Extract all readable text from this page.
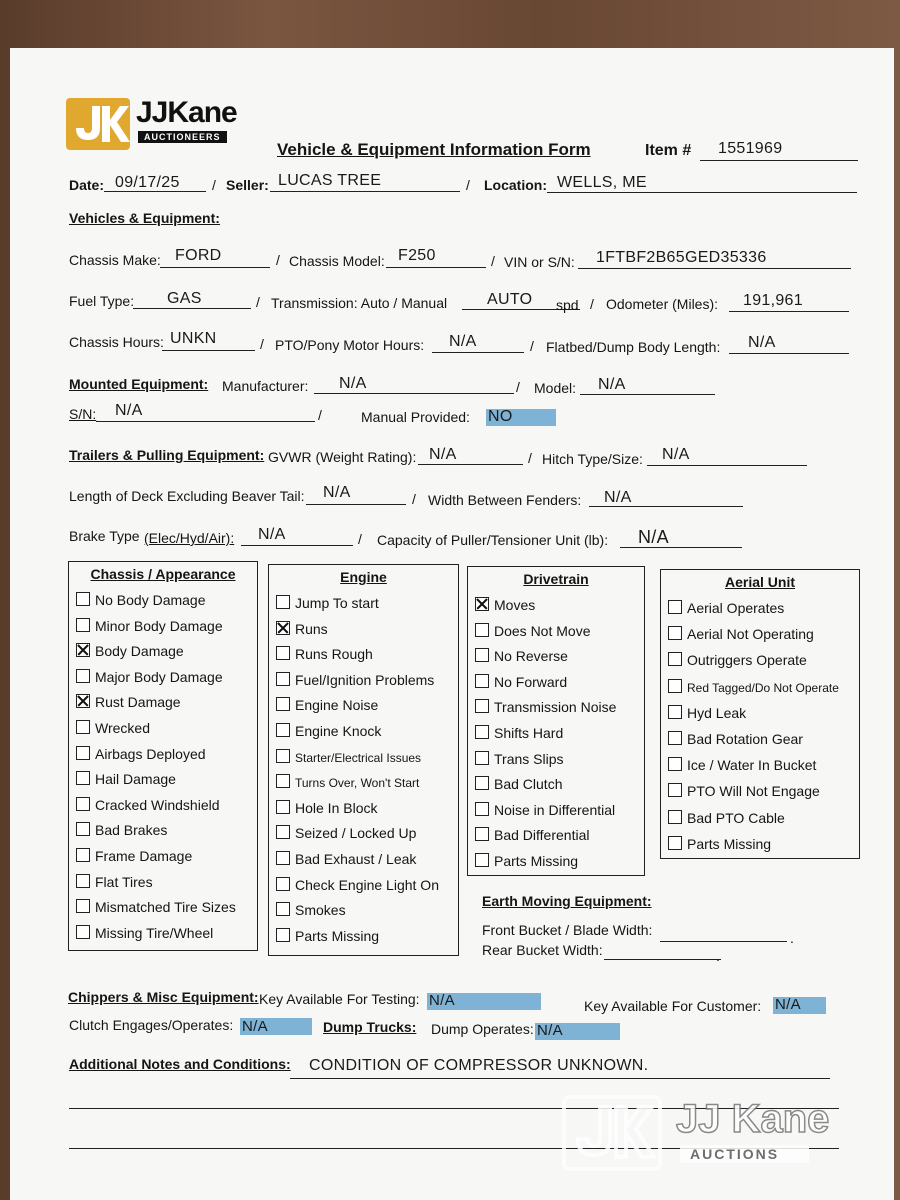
JJKane
AUCTIONEERS
Vehicle & Equipment Information Form	Item # 1551969
Date: 09/17/25 / Seller: LUCAS TREE	/ Location: WELLS, ME
Vehicles & Equipment:
Chassis Make: FORD	/ Chassis Model: F250	/ VIN or S/N: 1FTBF2B65GED35336
Fuel Type: GAS	/ Transmission: Auto / Manual AUTO spd / Odometer (Miles): 191,961
Chassis Hours: UNKN	/ PTO/Pony Motor Hours: N/A	/ Flatbed/Dump Body Length: N/A
Mounted Equipment: Manufacturer: N/A	/ Model: N/A
S/N: N/A	/	Manual Provided: NO
Trailers & Pulling Equipment: GVWR (Weight Rating): N/A	/ Hitch Type/Size: N/A
Length of Deck Excluding Beaver Tail: N/A	/ Width Between Fenders: N/A
Brake Type (Elec/Hyd/Air): N/A	/ Capacity of Puller/Tensioner Unit (lb): N/A
Chassis / Appearance
No Body Damage
Minor Body Damage
Body Damage
Major Body Damage
Rust Damage
Wrecked
Airbags Deployed
Hail Damage
Cracked Windshield
Bad Brakes
Frame Damage
Flat Tires
Mismatched Tire Sizes
Missing Tire/Wheel
Engine
Jump To start
Runs
Runs Rough
Fuel/Ignition Problems
Engine Noise
Engine Knock
Starter/Electrical Issues
Turns Over, Won't Start
Hole In Block
Seized / Locked Up
Bad Exhaust / Leak
Check Engine Light On
Smokes
Parts Missing
Drivetrain
Moves
Does Not Move
No Reverse
No Forward
Transmission Noise
Shifts Hard
Trans Slips
Bad Clutch
Noise in Differential
Bad Differential
Parts Missing
Aerial Unit
Aerial Operates
Aerial Not Operating
Outriggers Operate
Red Tagged/Do Not Operate
Hyd Leak
Bad Rotation Gear
Ice / Water In Bucket
PTO Will Not Engage
Bad PTO Cable
Parts Missing
Earth Moving Equipment:
Front Bucket / Blade Width:	.
Rear Bucket Width:	.
Chippers & Misc Equipment: Key Available For Testing: N/A	Key Available For Customer: N/A
Clutch Engages/Operates: N/A	Dump Trucks: Dump Operates: N/A
Additional Notes and Conditions: CONDITION OF COMPRESSOR UNKNOWN.
JJ Kane
AUCTIONS
